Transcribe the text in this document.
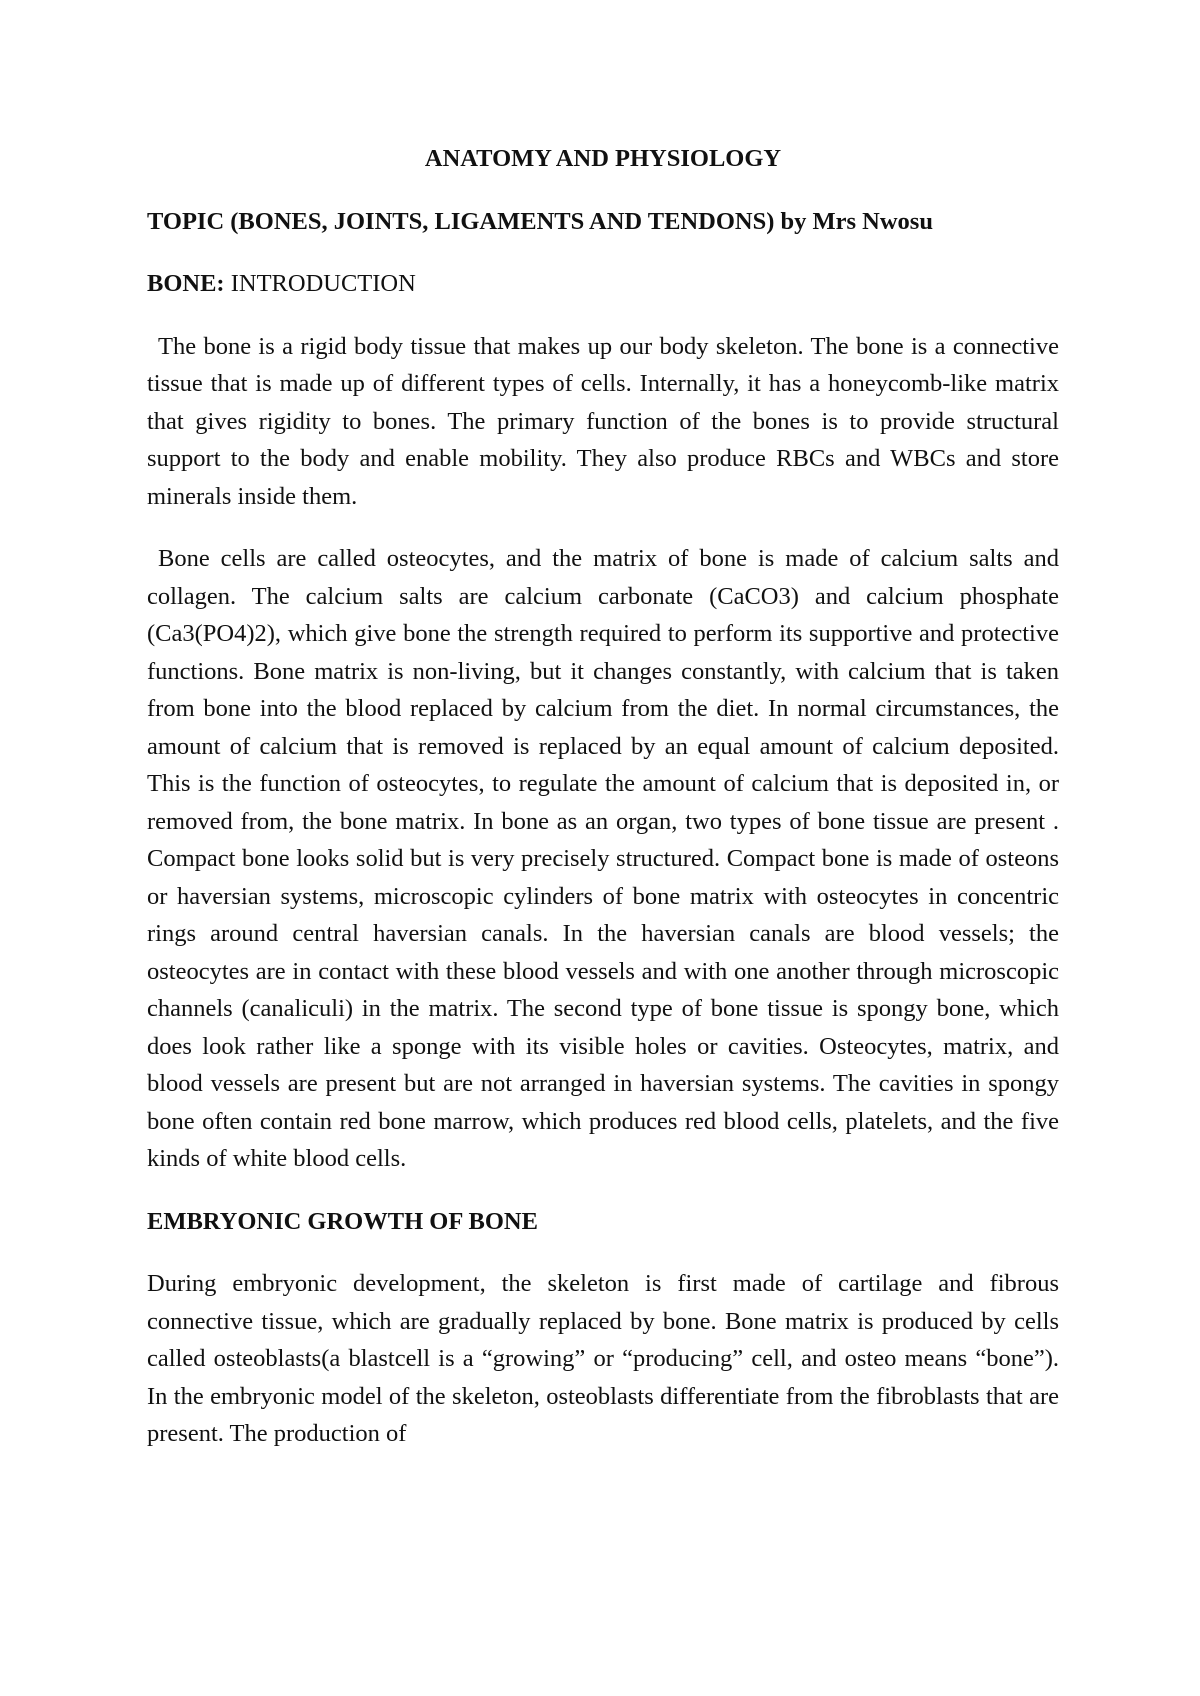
ANATOMY AND PHYSIOLOGY

TOPIC (BONES, JOINTS, LIGAMENTS AND TENDONS) by Mrs Nwosu

BONE: INTRODUCTION

The bone is a rigid body tissue that makes up our body skeleton. The bone is a connective tissue that is made up of different types of cells. Internally, it has a honeycomb-like matrix that gives rigidity to bones. The primary function of the bones is to provide structural support to the body and enable mobility. They also produce RBCs and WBCs and store minerals inside them.

Bone cells are called osteocytes, and the matrix of bone is made of calcium salts and collagen. The calcium salts are calcium carbonate (CaCO3) and calcium phosphate (Ca3(PO4)2), which give bone the strength required to perform its supportive and protective functions. Bone matrix is non-living, but it changes constantly, with calcium that is taken from bone into the blood replaced by calcium from the diet. In normal circumstances, the amount of calcium that is removed is replaced by an equal amount of calcium deposited. This is the function of osteocytes, to regulate the amount of calcium that is deposited in, or removed from, the bone matrix. In bone as an organ, two types of bone tissue are present . Compact bone looks solid but is very precisely structured. Compact bone is made of osteons or haversian systems, microscopic cylinders of bone matrix with osteocytes in concentric rings around central haversian canals. In the haversian canals are blood vessels; the osteocytes are in contact with these blood vessels and with one another through microscopic channels (canaliculi) in the matrix. The second type of bone tissue is spongy bone, which does look rather like a sponge with its visible holes or cavities. Osteocytes, matrix, and blood vessels are present but are not arranged in haversian systems. The cavities in spongy bone often contain red bone marrow, which produces red blood cells, platelets, and the five kinds of white blood cells.

EMBRYONIC GROWTH OF BONE

During embryonic development, the skeleton is first made of cartilage and fibrous connective tissue, which are gradually replaced by bone. Bone matrix is produced by cells called osteoblasts(a blastcell is a “growing” or “producing” cell, and osteo means “bone”). In the embryonic model of the skeleton, osteoblasts differentiate from the fibroblasts that are present. The production of
